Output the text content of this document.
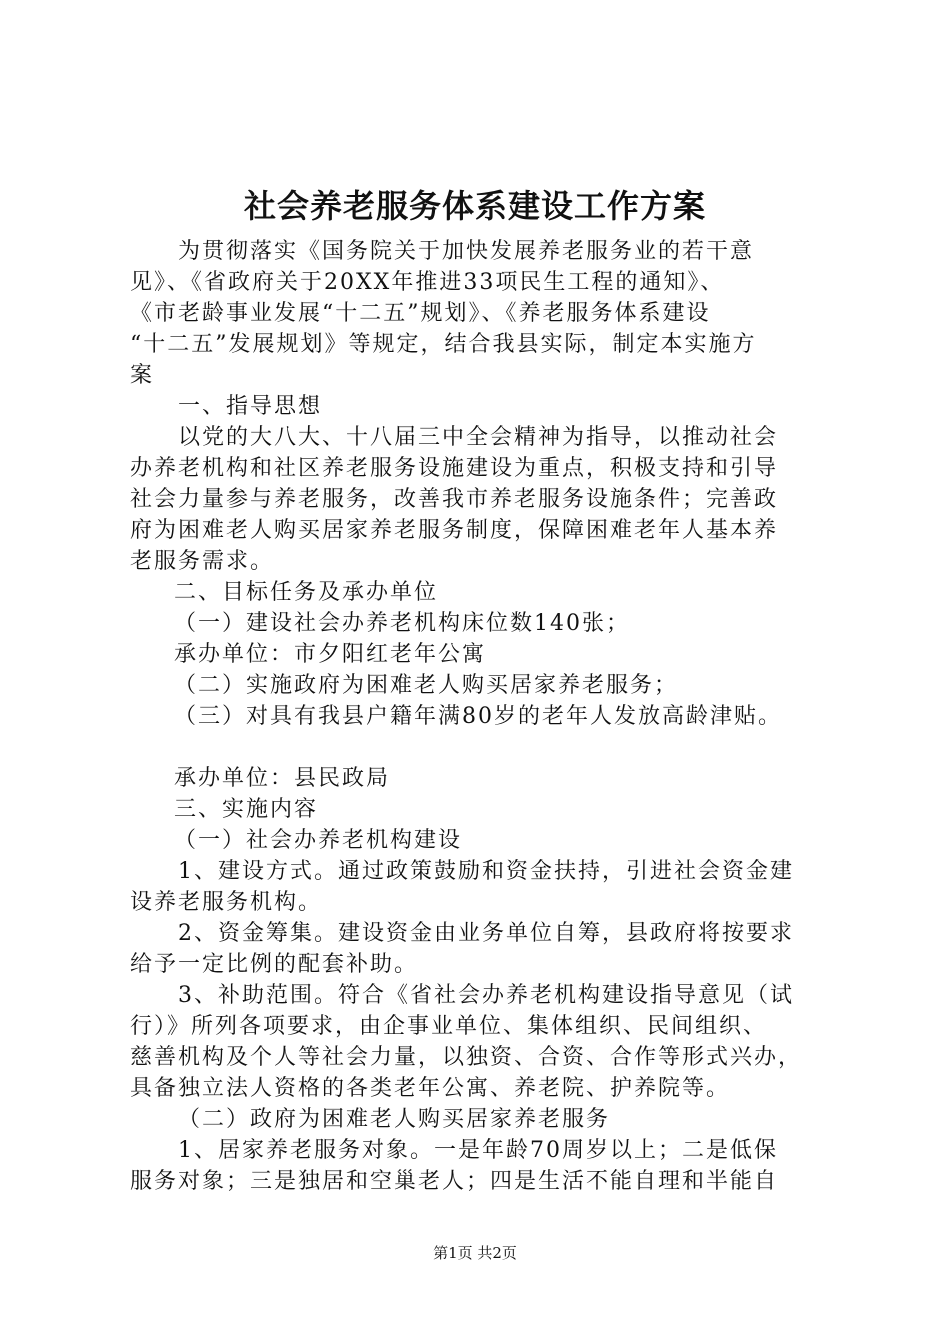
社会养老服务体系建设工作方案
为贯彻落实《国务院关于加快发展养老服务业的若干意
见》、《省政府关于20XX年推进33项民生工程的通知》、
《市老龄事业发展“十二五”规划》、《养老服务体系建设
“十二五”发展规划》等规定，结合我县实际，制定本实施方
案
一、指导思想
以党的大八大、十八届三中全会精神为指导，以推动社会
办养老机构和社区养老服务设施建设为重点，积极支持和引导
社会力量参与养老服务，改善我市养老服务设施条件；完善政
府为困难老人购买居家养老服务制度，保障困难老年人基本养
老服务需求。
二、目标任务及承办单位
（一）建设社会办养老机构床位数140张；
承办单位：市夕阳红老年公寓
（二）实施政府为困难老人购买居家养老服务；
（三）对具有我县户籍年满80岁的老年人发放高龄津贴。
承办单位：县民政局
三、实施内容
（一）社会办养老机构建设
1、建设方式。通过政策鼓励和资金扶持，引进社会资金建
设养老服务机构。
2、资金筹集。建设资金由业务单位自筹，县政府将按要求
给予一定比例的配套补助。
3、补助范围。符合《省社会办养老机构建设指导意见（试
行）》所列各项要求，由企事业单位、集体组织、民间组织、
慈善机构及个人等社会力量，以独资、合资、合作等形式兴办，
具备独立法人资格的各类老年公寓、养老院、护养院等。
（二）政府为困难老人购买居家养老服务
1、居家养老服务对象。一是年龄70周岁以上；二是低保
服务对象；三是独居和空巢老人；四是生活不能自理和半能自
第1页 共2页
